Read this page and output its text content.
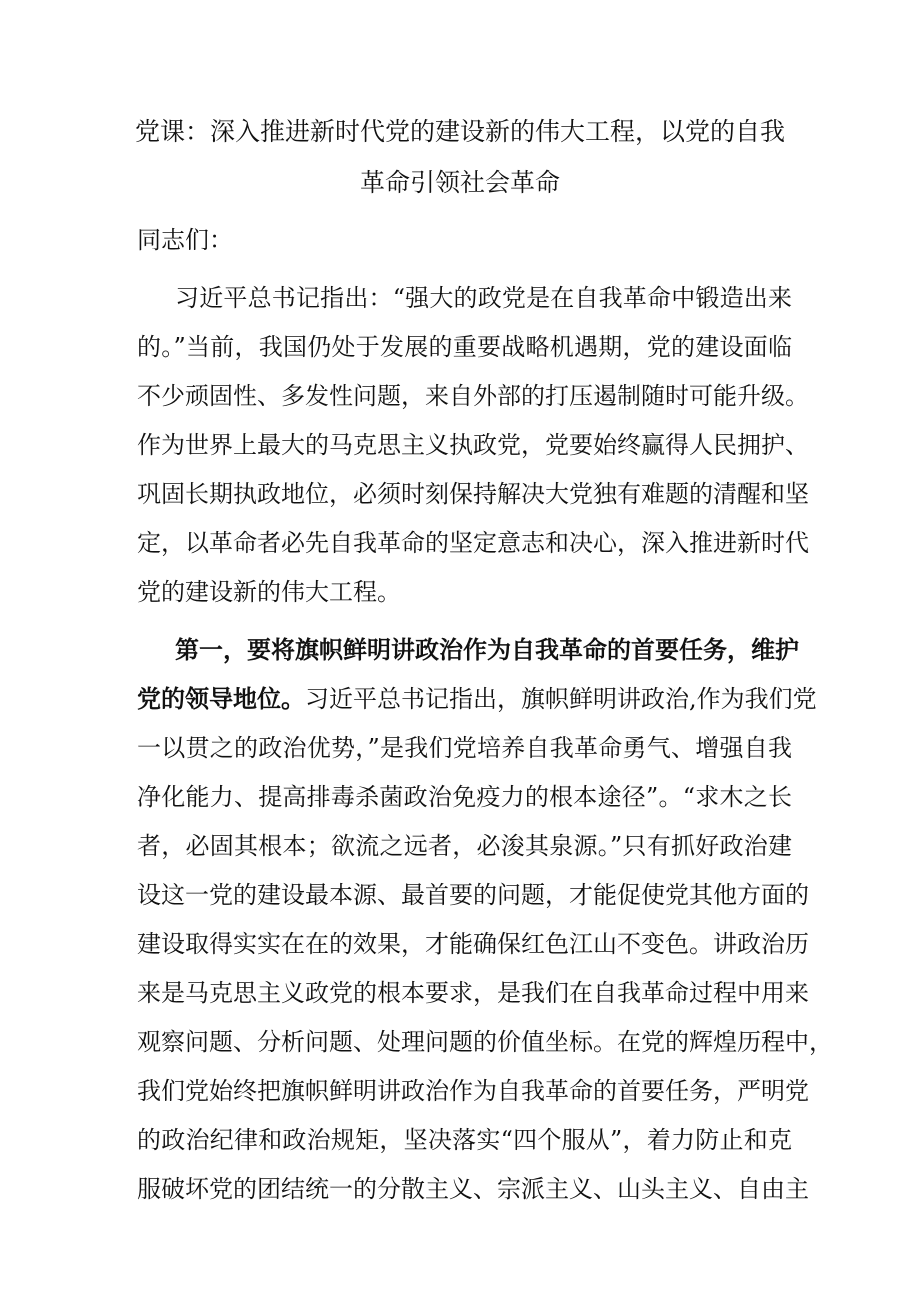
党课：深入推进新时代党的建设新的伟大工程，以党的自我
革命引领社会革命
同志们：
习近平总书记指出：“强大的政党是在自我革命中锻造出来
的。”当前，我国仍处于发展的重要战略机遇期，党的建设面临
不少顽固性、多发性问题，来自外部的打压遏制随时可能升级。
作为世界上最大的马克思主义执政党，党要始终赢得人民拥护、
巩固长期执政地位，必须时刻保持解决大党独有难题的清醒和坚
定，以革命者必先自我革命的坚定意志和决心，深入推进新时代
党的建设新的伟大工程。
第一，要将旗帜鲜明讲政治作为自我革命的首要任务，维护
党的领导地位。习近平总书记指出，旗帜鲜明讲政治,作为我们党
一以贯之的政治优势，”是我们党培养自我革命勇气、增强自我
净化能力、提高排毒杀菌政治免疫力的根本途径”。“求木之长
者，必固其根本；欲流之远者，必浚其泉源。”只有抓好政治建
设这一党的建设最本源、最首要的问题，才能促使党其他方面的
建设取得实实在在的效果，才能确保红色江山不变色。讲政治历
来是马克思主义政党的根本要求，是我们在自我革命过程中用来
观察问题、分析问题、处理问题的价值坐标。在党的辉煌历程中，
我们党始终把旗帜鲜明讲政治作为自我革命的首要任务，严明党
的政治纪律和政治规矩，坚决落实“四个服从”，着力防止和克
服破坏党的团结统一的分散主义、宗派主义、山头主义、自由主
